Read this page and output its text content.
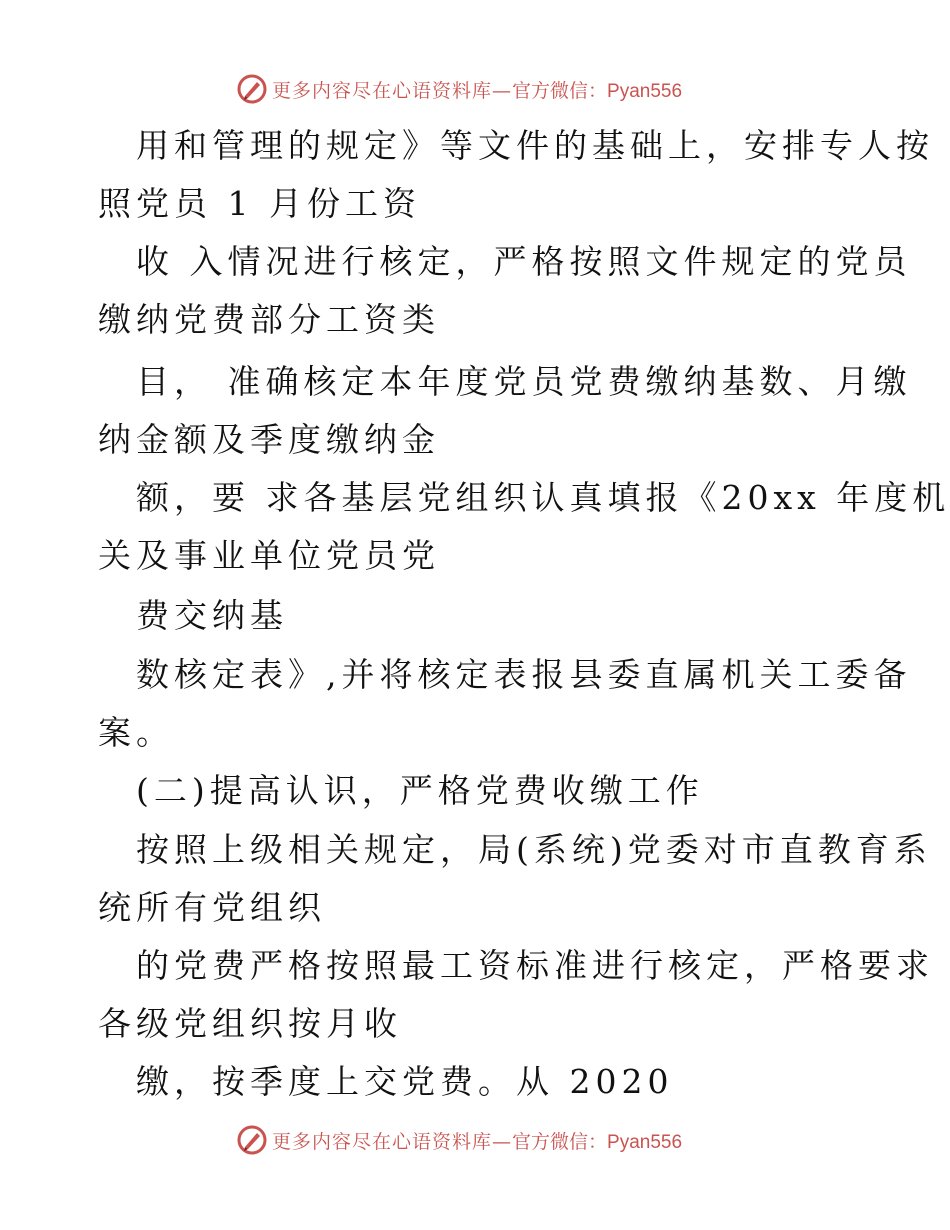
更多内容尽在心语资料库— 官方微信：Pyan556

用和管理的规定》等文件的基础上，安排专人按

照党员 1 月份工资

收 入情况进行核定，严格按照文件规定的党员

缴纳党费部分工资类

目， 准确核定本年度党员党费缴纳基数、月缴

纳金额及季度缴纳金

额，要 求各基层党组织认真填报《20xx 年度机

关及事业单位党员党

费交纳基

数核定表》,并将核定表报县委直属机关工委备

案。

(二)提高认识，严格党费收缴工作

按照上级相关规定，局(系统)党委对市直教育系

统所有党组织

的党费严格按照最工资标准进行核定，严格要求

各级党组织按月收

缴，按季度上交党费。从 2020

更多内容尽在心语资料库— 官方微信：Pyan556
